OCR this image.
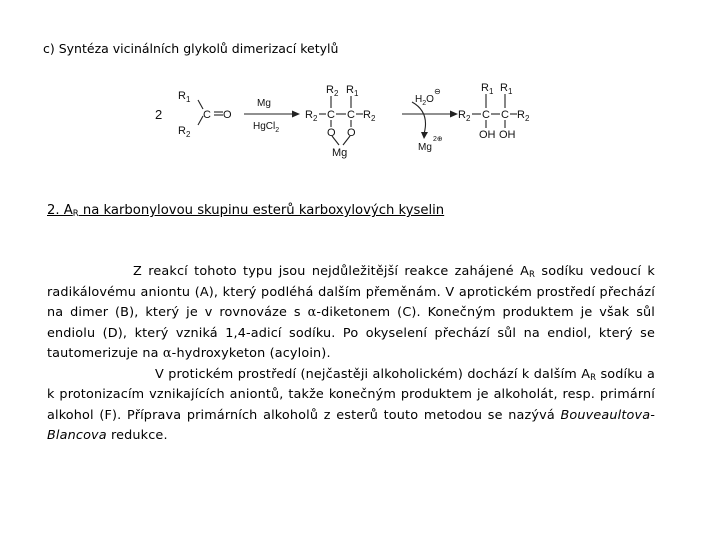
c) Syntéza vicinálních glykolů dimerizací ketylů
2
$R_1$
$R_2$
C O
Mg
HgCl$_2$
$R_2$ $R_1$
$R_2$ C C $R_2$
O O
Mg
$H_2O$
⊖
Mg
2⊕
$R_1$ $R_1$
$R_2$ C C $R_2$
OH OH
2. $A_R$ na karbonylovou skupinu esterů karboxylových kyselin

Z reakcí tohoto typu jsou nejdůležitější reakce zahájené $A_R$ sodíku vedoucí k radikálovému aniontu (A), který podléhá dalším přeměnám. V aprotickém prostředí přechází na dimer (B), který je v rovnováze s α-diketonem (C). Konečným produktem je však sůl endiolu (D), který vzniká 1,4-adicí sodíku. Po okyselení přechází sůl na endiol, který se tautomerizuje na α-hydroxyketon (acyloin).

V protickém prostředí (nejčastěji alkoholickém) dochází k dalším $A_R$ sodíku a k protonizacím vznikajících aniontů, takže konečným produktem je alkoholát, resp. primární alkohol (F). Příprava primárních alkoholů z esterů touto metodou se nazývá Bouveaultova-Blancova redukce.
